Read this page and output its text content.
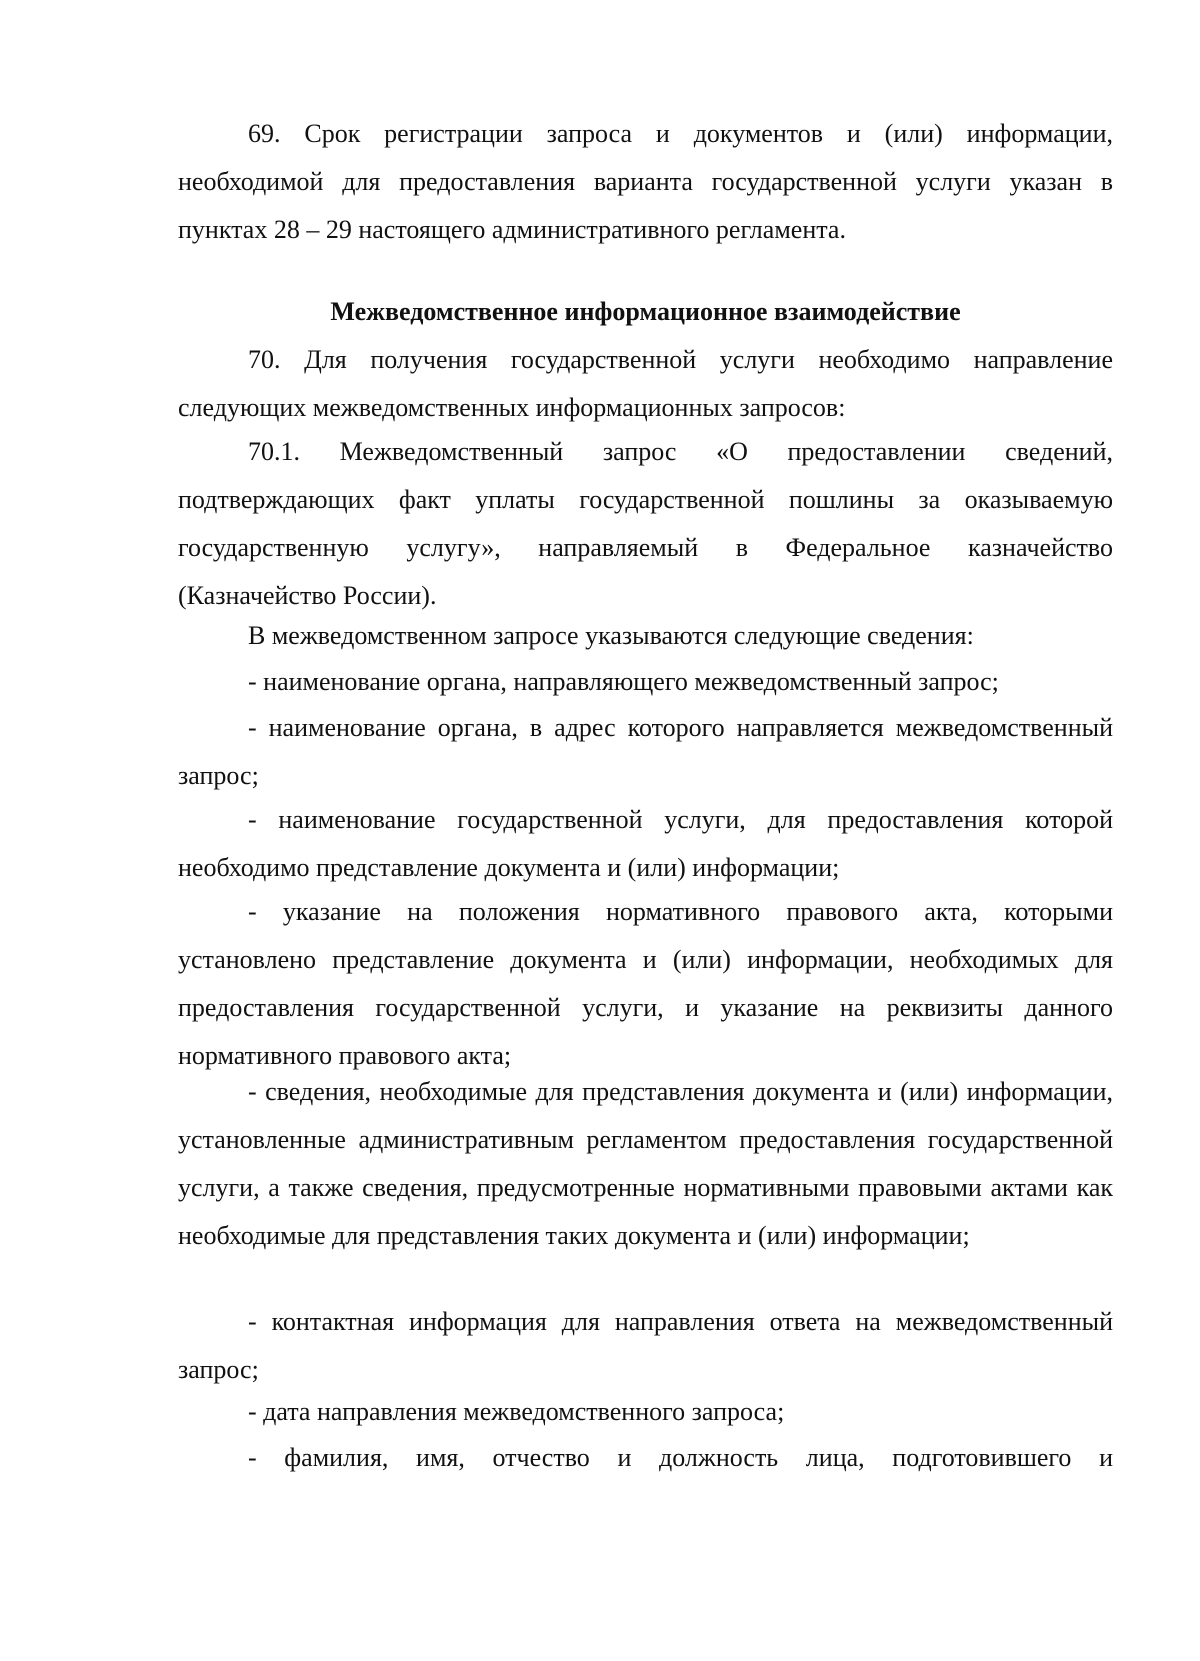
69. Срок регистрации запроса и документов и (или) информации, необходимой для предоставления варианта государственной услуги указан в пунктах 28 – 29 настоящего административного регламента.

Межведомственное информационное взаимодействие

70. Для получения государственной услуги необходимо направление следующих межведомственных информационных запросов:

70.1. Межведомственный запрос «О предоставлении сведений, подтверждающих факт уплаты государственной пошлины за оказываемую государственную услугу», направляемый в Федеральное казначейство (Казначейство России).

В межведомственном запросе указываются следующие сведения:

- наименование органа, направляющего межведомственный запрос;

- наименование органа, в адрес которого направляется межведомственный запрос;

- наименование государственной услуги, для предоставления которой необходимо представление документа и (или) информации;

- указание на положения нормативного правового акта, которыми установлено представление документа и (или) информации, необходимых для предоставления государственной услуги, и указание на реквизиты данного нормативного правового акта;

- сведения, необходимые для представления документа и (или) информации, установленные административным регламентом предоставления государственной услуги, а также сведения, предусмотренные нормативными правовыми актами как необходимые для представления таких документа и (или) информации;

- контактная информация для направления ответа на межведомственный запрос;

- дата направления межведомственного запроса;

- фамилия, имя, отчество и должность лица, подготовившего и
